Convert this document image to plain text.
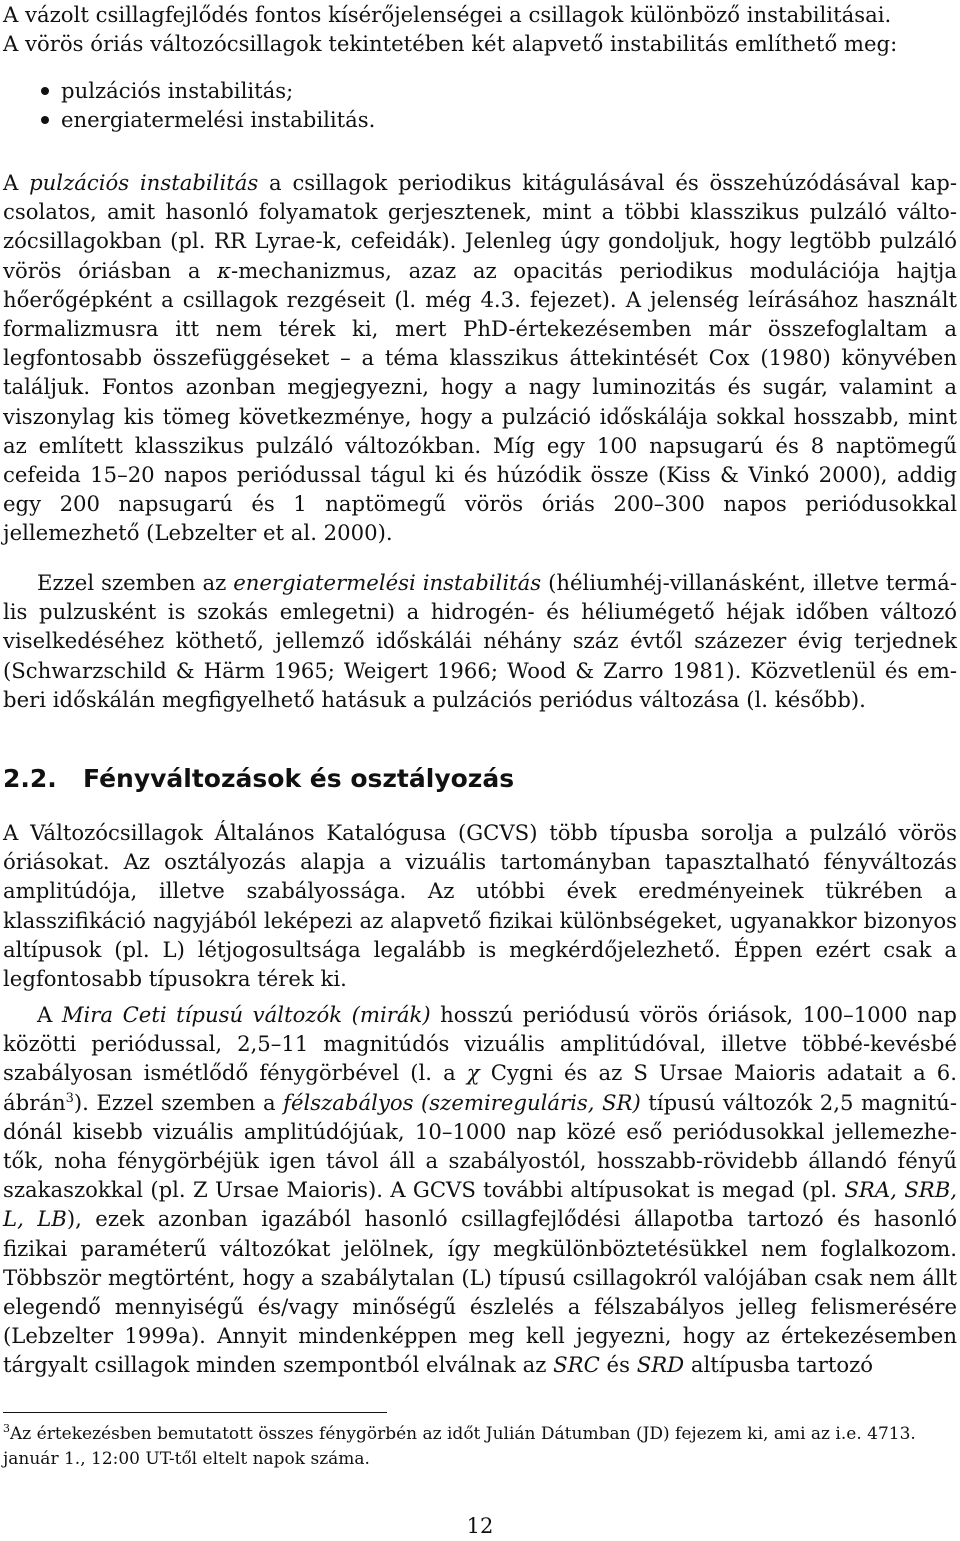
A vázolt csillagfejlődés fontos kísérőjelenségei a csillagok különböző instabilitásai.
A vörös óriás változócsillagok tekintetében két alapvető instabilitás említhető meg:

pulzációs instabilitás;
energiatermelési instabilitás.

A pulzációs instabilitás a csillagok periodikus kitágulásával és összehúzódásával kapcsolatos, amit hasonló folyamatok gerjesztenek, mint a többi klasszikus pulzáló változócsillagokban (pl. RR Lyrae-k, cefeidák). Jelenleg úgy gondoljuk, hogy legtöbb pulzáló vörös óriásban a κ-mechanizmus, azaz az opacitás periodikus modulációja hajtja hőerőgépként a csillagok rezgéseit (l. még 4.3. fejezet). A jelenség leírásához használt formalizmusra itt nem térek ki, mert PhD-értekezésemben már összefoglaltam a legfontosabb összefüggéseket – a téma klasszikus áttekintését Cox (1980) könyvében találjuk. Fontos azonban megjegyezni, hogy a nagy luminozitás és sugár, valamint a viszonylag kis tömeg következménye, hogy a pulzáció időskálája sokkal hosszabb, mint az említett klasszikus pulzáló változókban. Míg egy 100 napsugarú és 8 naptömegű cefeida 15–20 napos periódussal tágul ki és húzódik össze (Kiss & Vinkó 2000), addig egy 200 napsugarú és 1 naptömegű vörös óriás 200–300 napos periódusokkal jellemezhető (Lebzelter et al. 2000).

Ezzel szemben az energiatermelési instabilitás (héliumhéj-villanásként, illetve termális pulzusként is szokás emlegetni) a hidrogén- és héliumégető héjak időben változó viselkedéséhez köthető, jellemző időskálái néhány száz évtől százezer évig terjednek (Schwarzschild & Härm 1965; Weigert 1966; Wood & Zarro 1981). Közvetlenül és emberi időskálán megfigyelhető hatásuk a pulzációs periódus változása (l. később).

2.2. Fényváltozások és osztályozás

A Változócsillagok Általános Katalógusa (GCVS) több típusba sorolja a pulzáló vörös óriásokat. Az osztályozás alapja a vizuális tartományban tapasztalható fényváltozás amplitúdója, illetve szabályossága. Az utóbbi évek eredményeinek tükrében a klasszifikáció nagyjából leképezi az alapvető fizikai különbségeket, ugyanakkor bizonyos altípusok (pl. L) létjogosultsága legalább is megkérdőjelezhető. Éppen ezért csak a legfontosabb típusokra térek ki.

A Mira Ceti típusú változók (mirák) hosszú periódusú vörös óriások, 100–1000 nap közötti periódussal, 2,5–11 magnitúdós vizuális amplitúdóval, illetve többé-kevésbé szabályosan ismétlődő fénygörbével (l. a χ Cygni és az S Ursae Maioris adatait a 6. ábrán$^3$). Ezzel szemben a félszabályos (szemireguláris, SR) típusú változók 2,5 magnitúdónál kisebb vizuális amplitúdójúak, 10–1000 nap közé eső periódusokkal jellemezhetők, noha fénygörbéjük igen távol áll a szabályostól, hosszabb-rövidebb állandó fényű szakaszokkal (pl. Z Ursae Maioris). A GCVS további altípusokat is megad (pl. SRA, SRB, L, LB), ezek azonban igazából hasonló csillagfejlődési állapotba tartozó és hasonló fizikai paraméterű változókat jelölnek, így megkülönböztetésükkel nem foglalkozom. Többször megtörtént, hogy a szabálytalan (L) típusú csillagokról valójában csak nem állt elegendő mennyiségű és/vagy minőségű észlelés a félszabályos jelleg felismerésére (Lebzelter 1999a). Annyit mindenképpen meg kell jegyezni, hogy az értekezésemben tárgyalt csillagok minden szempontból elválnak az SRC és SRD altípusba tartozó

$^3$Az értekezésben bemutatott összes fénygörbén az időt Julián Dátumban (JD) fejezem ki, ami az i.e. 4713. január 1., 12:00 UT-től eltelt napok száma.

12
